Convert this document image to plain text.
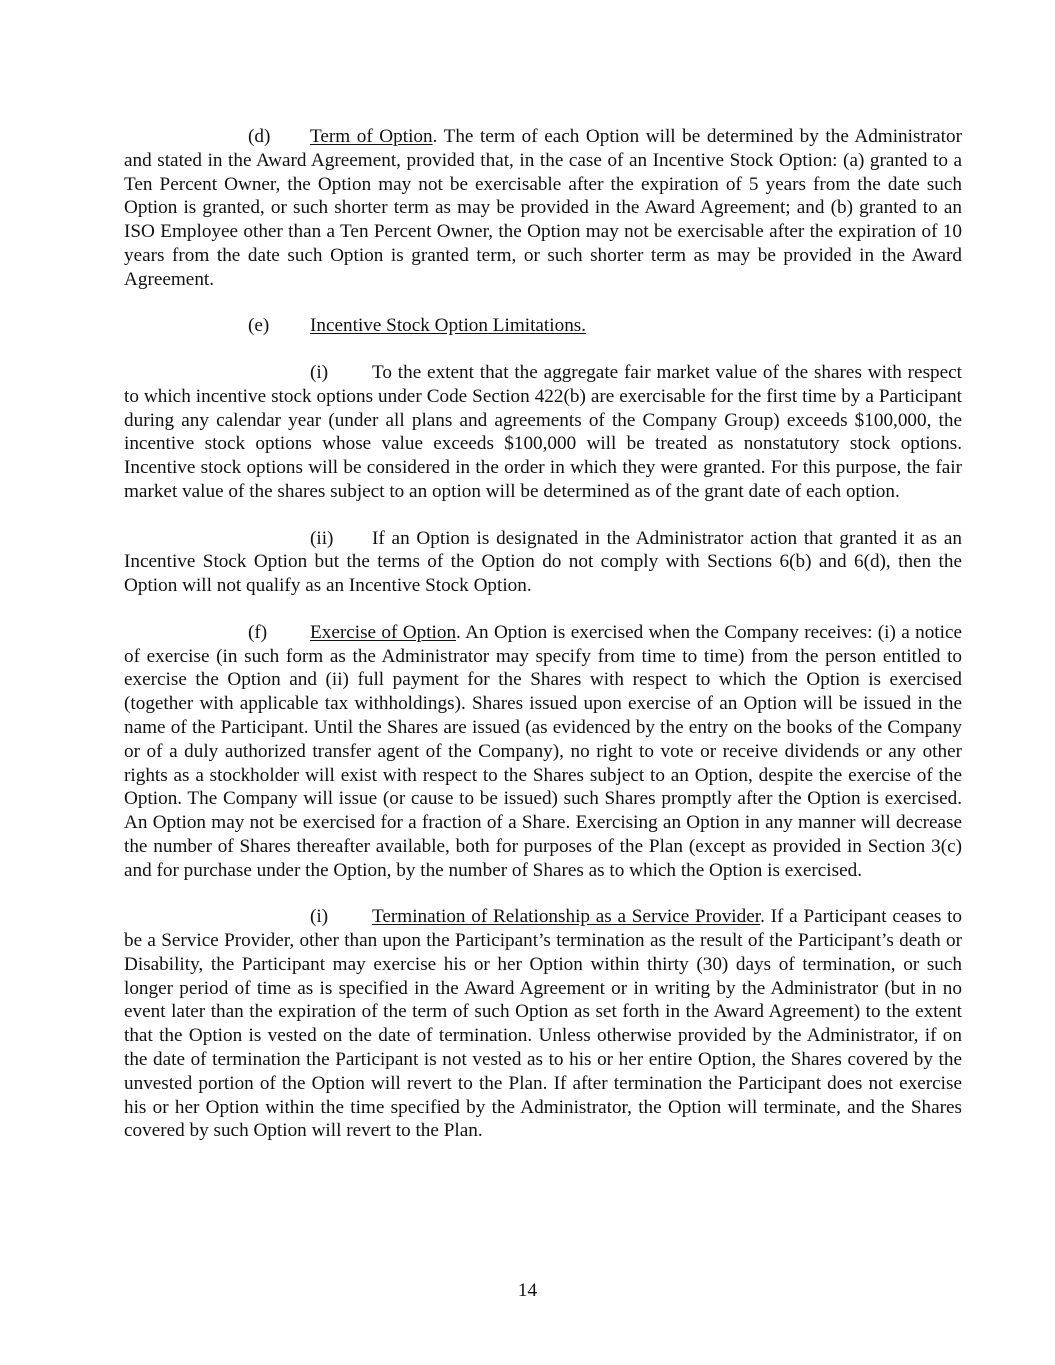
(d) Term of Option. The term of each Option will be determined by the Administrator and stated in the Award Agreement, provided that, in the case of an Incentive Stock Option: (a) granted to a Ten Percent Owner, the Option may not be exercisable after the expiration of 5 years from the date such Option is granted, or such shorter term as may be provided in the Award Agreement; and (b) granted to an ISO Employee other than a Ten Percent Owner, the Option may not be exercisable after the expiration of 10 years from the date such Option is granted term, or such shorter term as may be provided in the Award Agreement.

(e) Incentive Stock Option Limitations.

(i) To the extent that the aggregate fair market value of the shares with respect to which incentive stock options under Code Section 422(b) are exercisable for the first time by a Participant during any calendar year (under all plans and agreements of the Company Group) exceeds $100,000, the incentive stock options whose value exceeds $100,000 will be treated as nonstatutory stock options. Incentive stock options will be considered in the order in which they were granted. For this purpose, the fair market value of the shares subject to an option will be determined as of the grant date of each option.

(ii) If an Option is designated in the Administrator action that granted it as an Incentive Stock Option but the terms of the Option do not comply with Sections 6(b) and 6(d), then the Option will not qualify as an Incentive Stock Option.

(f) Exercise of Option. An Option is exercised when the Company receives: (i) a notice of exercise (in such form as the Administrator may specify from time to time) from the person entitled to exercise the Option and (ii) full payment for the Shares with respect to which the Option is exercised (together with applicable tax withholdings). Shares issued upon exercise of an Option will be issued in the name of the Participant. Until the Shares are issued (as evidenced by the entry on the books of the Company or of a duly authorized transfer agent of the Company), no right to vote or receive dividends or any other rights as a stockholder will exist with respect to the Shares subject to an Option, despite the exercise of the Option. The Company will issue (or cause to be issued) such Shares promptly after the Option is exercised. An Option may not be exercised for a fraction of a Share. Exercising an Option in any manner will decrease the number of Shares thereafter available, both for purposes of the Plan (except as provided in Section 3(c) and for purchase under the Option, by the number of Shares as to which the Option is exercised.

(i) Termination of Relationship as a Service Provider. If a Participant ceases to be a Service Provider, other than upon the Participant’s termination as the result of the Participant’s death or Disability, the Participant may exercise his or her Option within thirty (30) days of termination, or such longer period of time as is specified in the Award Agreement or in writing by the Administrator (but in no event later than the expiration of the term of such Option as set forth in the Award Agreement) to the extent that the Option is vested on the date of termination. Unless otherwise provided by the Administrator, if on the date of termination the Participant is not vested as to his or her entire Option, the Shares covered by the unvested portion of the Option will revert to the Plan. If after termination the Participant does not exercise his or her Option within the time specified by the Administrator, the Option will terminate, and the Shares covered by such Option will revert to the Plan.

14
